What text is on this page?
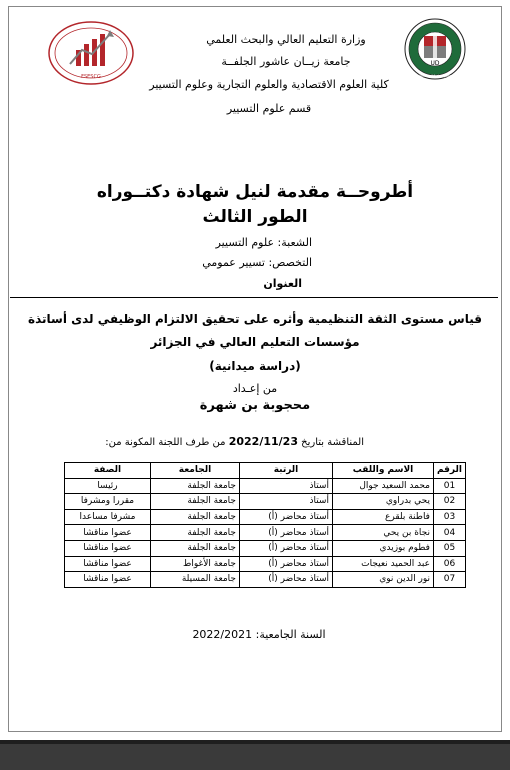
UD
Université de Djelfa
FSESCG
وزارة التعليم العالي والبحث العلمي
جامعة زيــان عاشور الجلفــة
كلية العلوم الاقتصادية والعلوم التجارية وعلوم التسيير
قسم علوم التسيير
أطروحــة مقدمة لنيل شهادة دكتــوراه
الطور الثالث
الشعبة: علوم التسيير
التخصص: تسيير عمومي
العنوان
قياس مستوى الثقة التنظيمية وأثره على تحقيق الالتزام الوظيفي لدى أساتذة
مؤسسات التعليم العالي في الجزائر
(دراسة ميدانية)
من إعـداد
محجوبة بن شهرة
المناقشة بتاريخ 2022/11/23 من طرف اللجنة المكونة من:
الرقم	الاسم واللقب	الرتبة	الجامعة	الصفة
01	محمد السعيد جوال	أستاذ	جامعة الجلفة	رئيسا
02	يحي بدراوي	أستاذ	جامعة الجلفة	مقررا ومشرفا
03	فاطنة بلقرع	أستاذ محاضر (أ)	جامعة الجلفة	مشرفا مساعدا
04	نجاة بن يحي	أستاذ محاضر (أ)	جامعة الجلفة	عضوا مناقشا
05	فطوم بوزيدي	أستاذ محاضر (أ)	جامعة الجلفة	عضوا مناقشا
06	عبد الحميد نعيجات	أستاذ محاضر (أ)	جامعة الأغواط	عضوا مناقشا
07	نور الدين نوي	أستاذ محاضر (أ)	جامعة المسيلة	عضوا مناقشا
السنة الجامعية: 2022/2021
